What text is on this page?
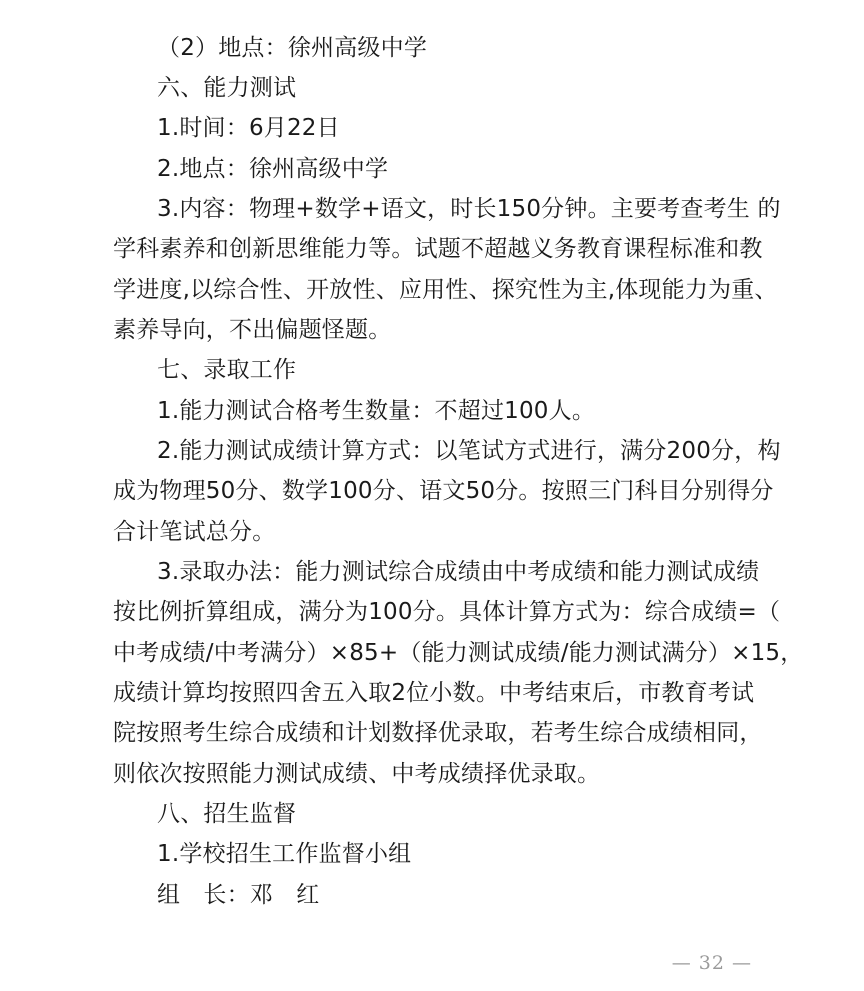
（2）地点：徐州高级中学
六、能力测试
1.时间：6月22日
2.地点：徐州高级中学
3.内容：物理+数学+语文，时长150分钟。主要考查考生 的
学科素养和创新思维能力等。试题不超越义务教育课程标准和教
学进度,以综合性、开放性、应用性、探究性为主,体现能力为重、
素养导向，不出偏题怪题。
七、录取工作
1.能力测试合格考生数量：不超过100人。
2.能力测试成绩计算方式：以笔试方式进行，满分200分，构
成为物理50分、数学100分、语文50分。按照三门科目分别得分
合计笔试总分。
3.录取办法：能力测试综合成绩由中考成绩和能力测试成绩
按比例折算组成，满分为100分。具体计算方式为：综合成绩=（
中考成绩/中考满分）×85+（能力测试成绩/能力测试满分）×15，
成绩计算均按照四舍五入取2位小数。中考结束后，市教育考试
院按照考生综合成绩和计划数择优录取，若考生综合成绩相同，
则依次按照能力测试成绩、中考成绩择优录取。
八、招生监督
1.学校招生工作监督小组
组　长：邓　红
— 32 —
